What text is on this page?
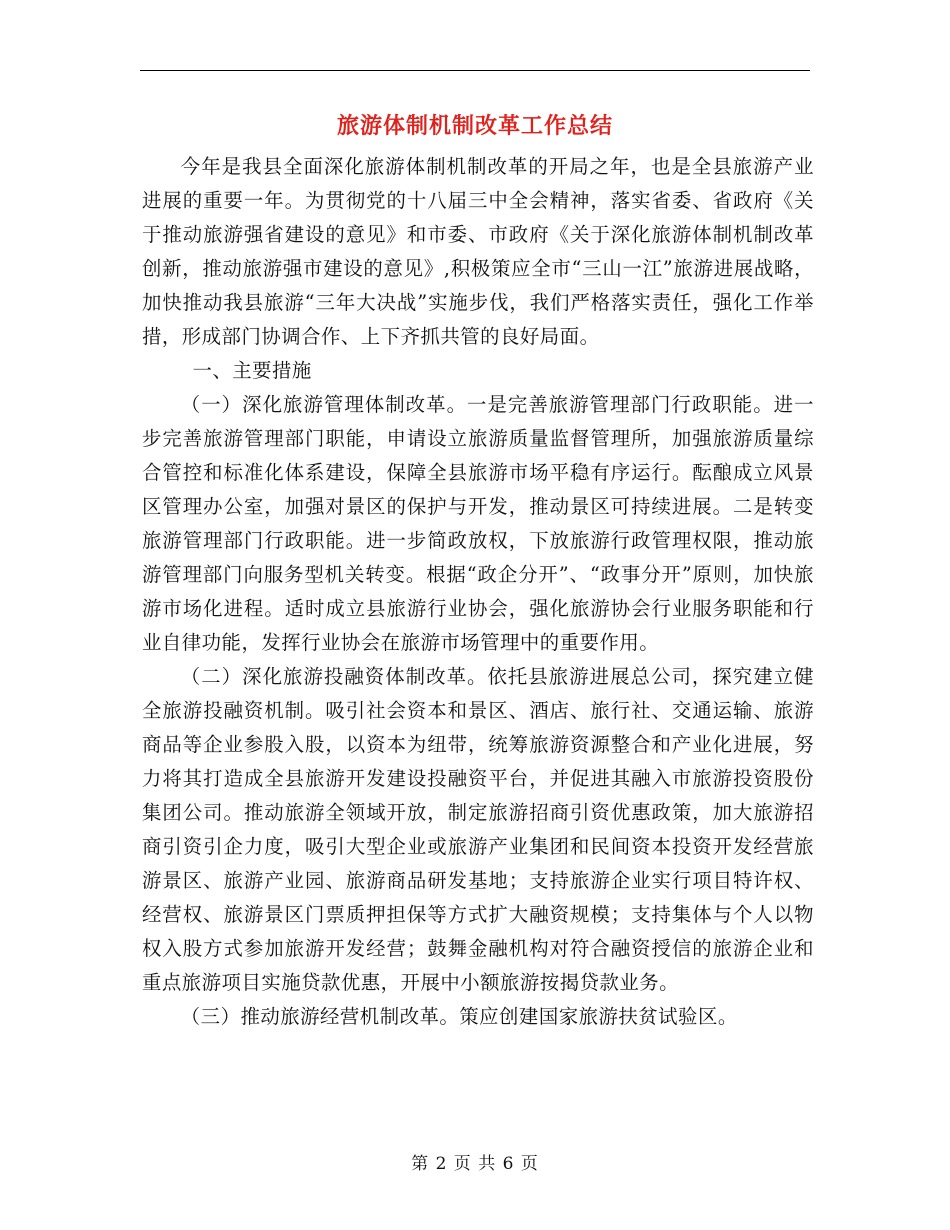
旅游体制机制改革工作总结

今年是我县全面深化旅游体制机制改革的开局之年，也是全县旅游产业进展的重要一年。为贯彻党的十八届三中全会精神，落实省委、省政府《关于推动旅游强省建设的意见》和市委、市政府《关于深化旅游体制机制改革创新，推动旅游强市建设的意见》,积极策应全市“三山一江”旅游进展战略，加快推动我县旅游“三年大决战”实施步伐，我们严格落实责任，强化工作举措，形成部门协调合作、上下齐抓共管的良好局面。

一、主要措施

（一）深化旅游管理体制改革。一是完善旅游管理部门行政职能。进一步完善旅游管理部门职能，申请设立旅游质量监督管理所，加强旅游质量综合管控和标准化体系建设，保障全县旅游市场平稳有序运行。酝酿成立风景区管理办公室，加强对景区的保护与开发，推动景区可持续进展。二是转变旅游管理部门行政职能。进一步简政放权，下放旅游行政管理权限，推动旅游管理部门向服务型机关转变。根据“政企分开”、“政事分开”原则，加快旅游市场化进程。适时成立县旅游行业协会，强化旅游协会行业服务职能和行业自律功能，发挥行业协会在旅游市场管理中的重要作用。

（二）深化旅游投融资体制改革。依托县旅游进展总公司，探究建立健全旅游投融资机制。吸引社会资本和景区、酒店、旅行社、交通运输、旅游商品等企业参股入股，以资本为纽带，统筹旅游资源整合和产业化进展，努力将其打造成全县旅游开发建设投融资平台，并促进其融入市旅游投资股份集团公司。推动旅游全领域开放，制定旅游招商引资优惠政策，加大旅游招商引资引企力度，吸引大型企业或旅游产业集团和民间资本投资开发经营旅游景区、旅游产业园、旅游商品研发基地；支持旅游企业实行项目特许权、经营权、旅游景区门票质押担保等方式扩大融资规模；支持集体与个人以物权入股方式参加旅游开发经营；鼓舞金融机构对符合融资授信的旅游企业和重点旅游项目实施贷款优惠，开展中小额旅游按揭贷款业务。

（三）推动旅游经营机制改革。策应创建国家旅游扶贫试验区。

第 2 页 共 6 页
